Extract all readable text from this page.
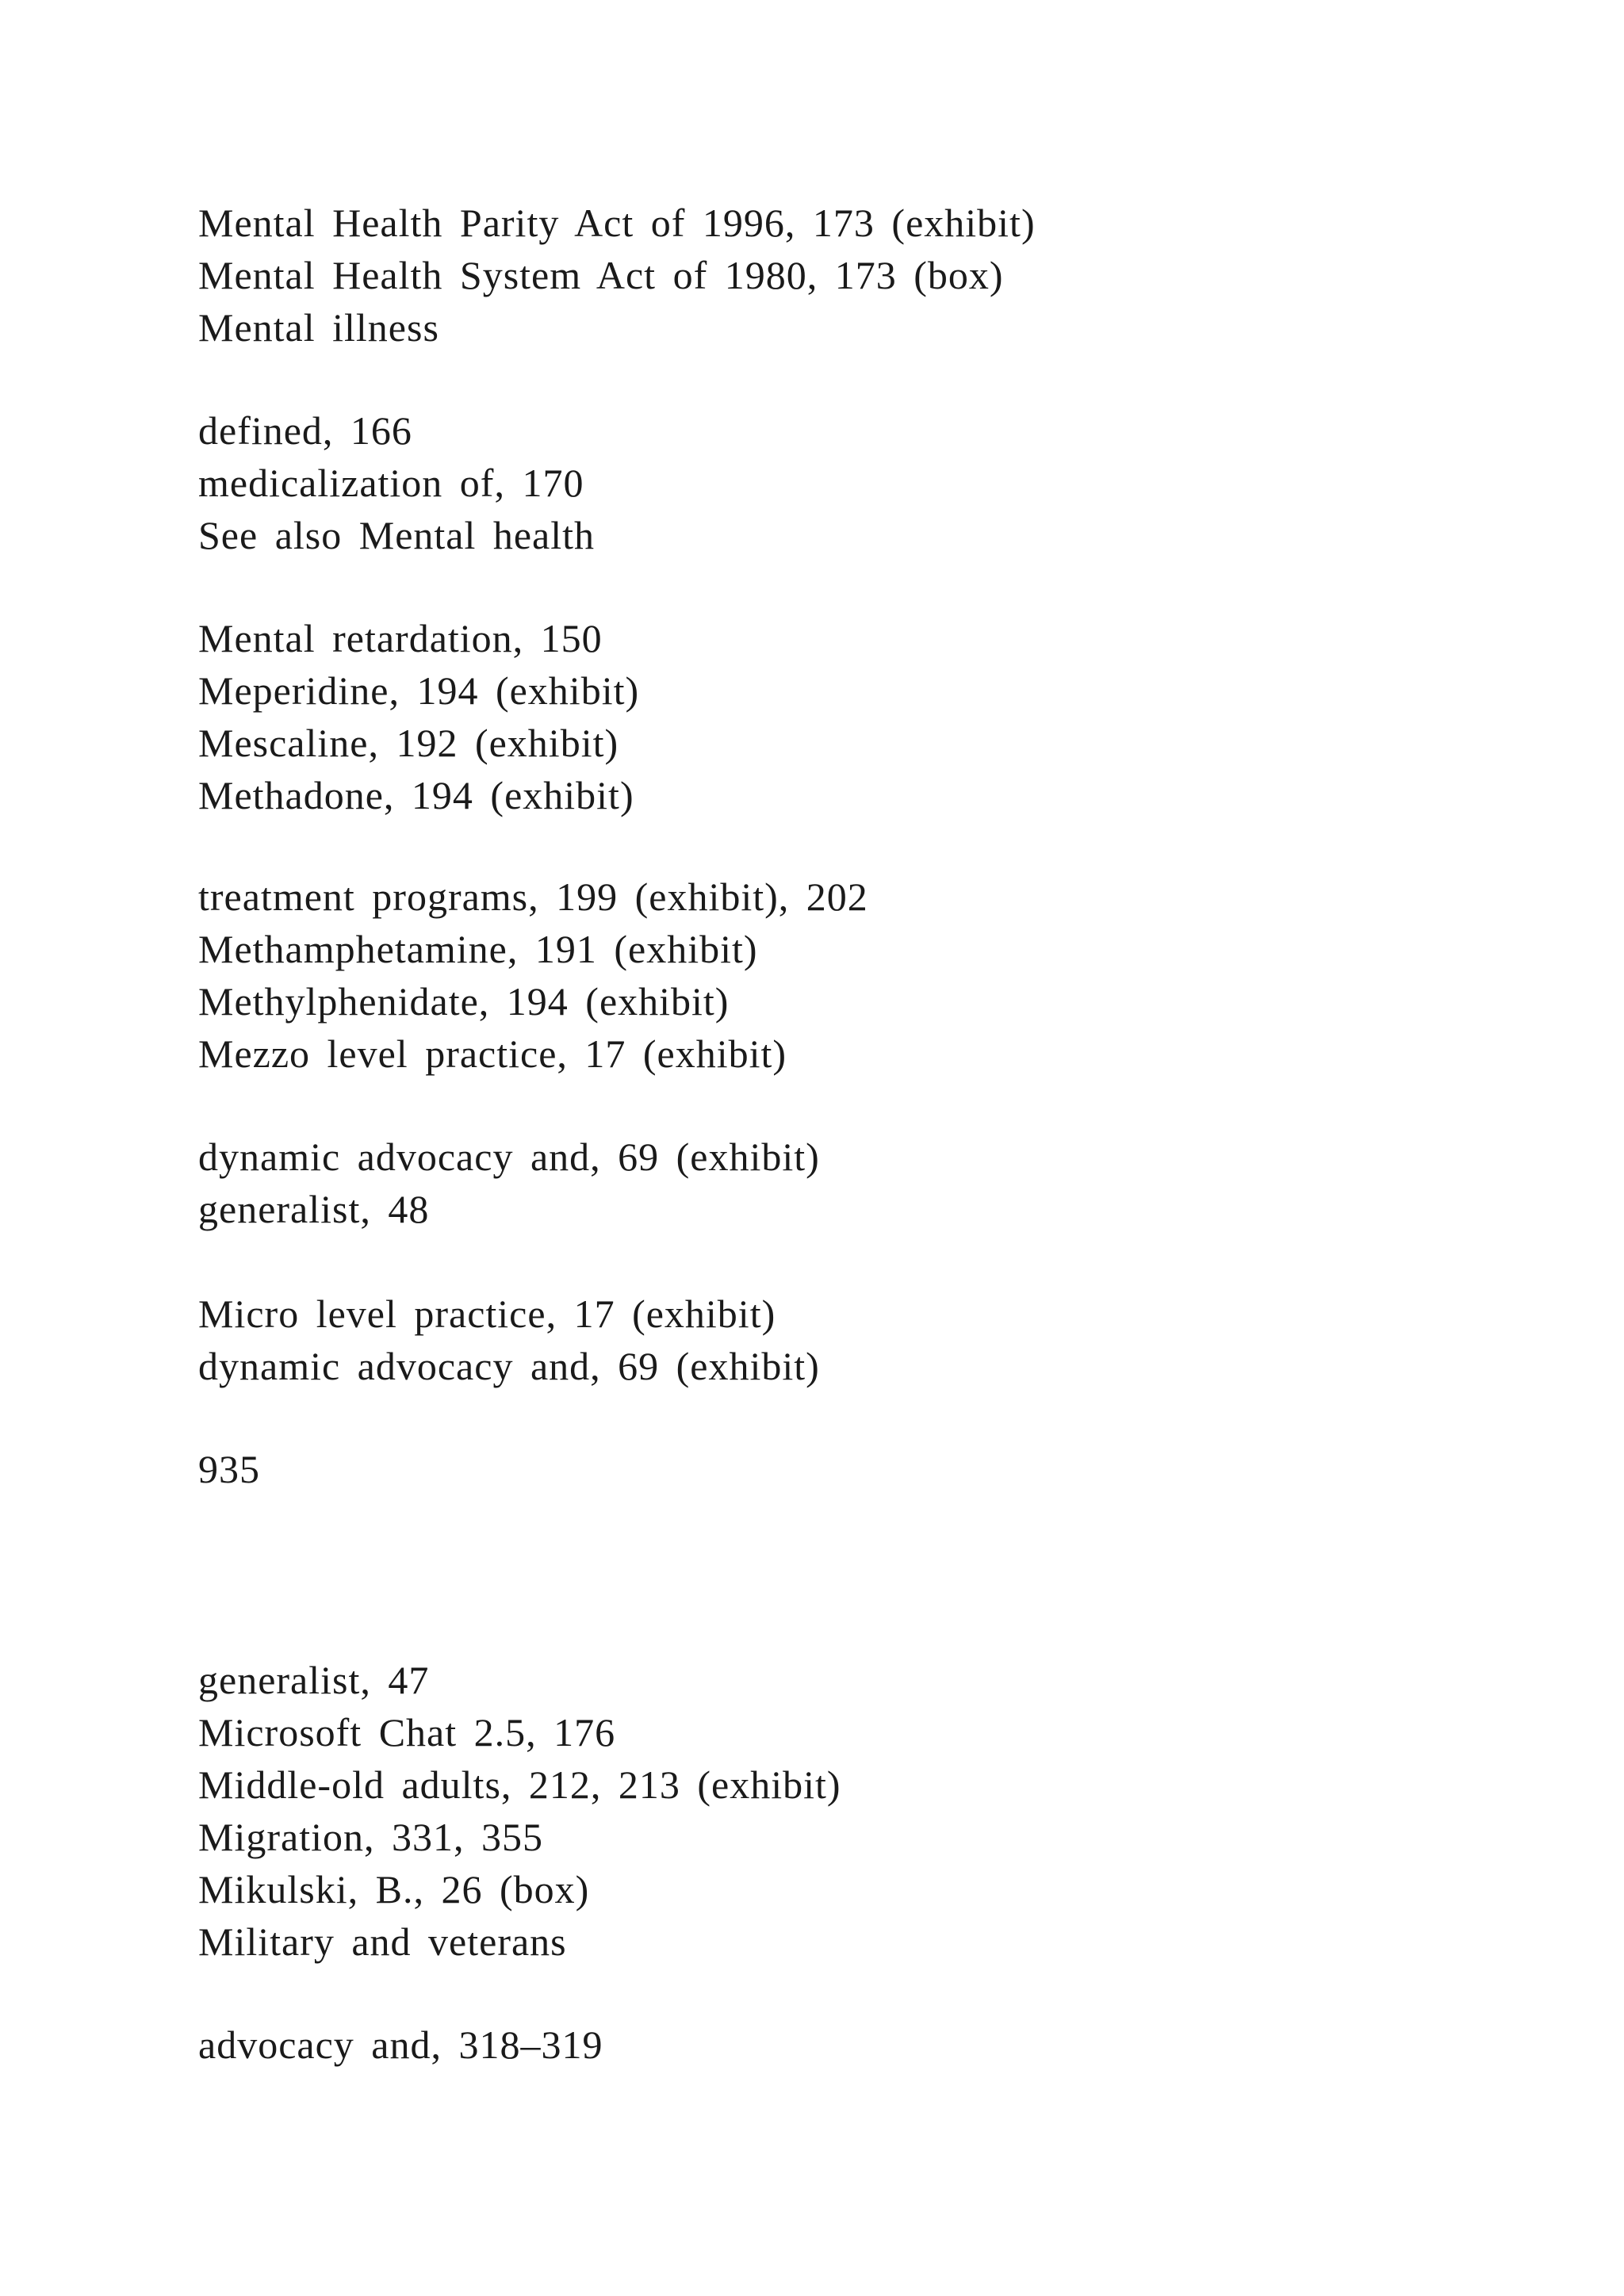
Mental Health Parity Act of 1996, 173 (exhibit)
Mental Health System Act of 1980, 173 (box)
Mental illness
defined, 166
medicalization of, 170
See also Mental health
Mental retardation, 150
Meperidine, 194 (exhibit)
Mescaline, 192 (exhibit)
Methadone, 194 (exhibit)
treatment programs, 199 (exhibit), 202
Methamphetamine, 191 (exhibit)
Methylphenidate, 194 (exhibit)
Mezzo level practice, 17 (exhibit)
dynamic advocacy and, 69 (exhibit)
generalist, 48
Micro level practice, 17 (exhibit)
dynamic advocacy and, 69 (exhibit)
935
generalist, 47
Microsoft Chat 2.5, 176
Middle-old adults, 212, 213 (exhibit)
Migration, 331, 355
Mikulski, B., 26 (box)
Military and veterans
advocacy and, 318–319
